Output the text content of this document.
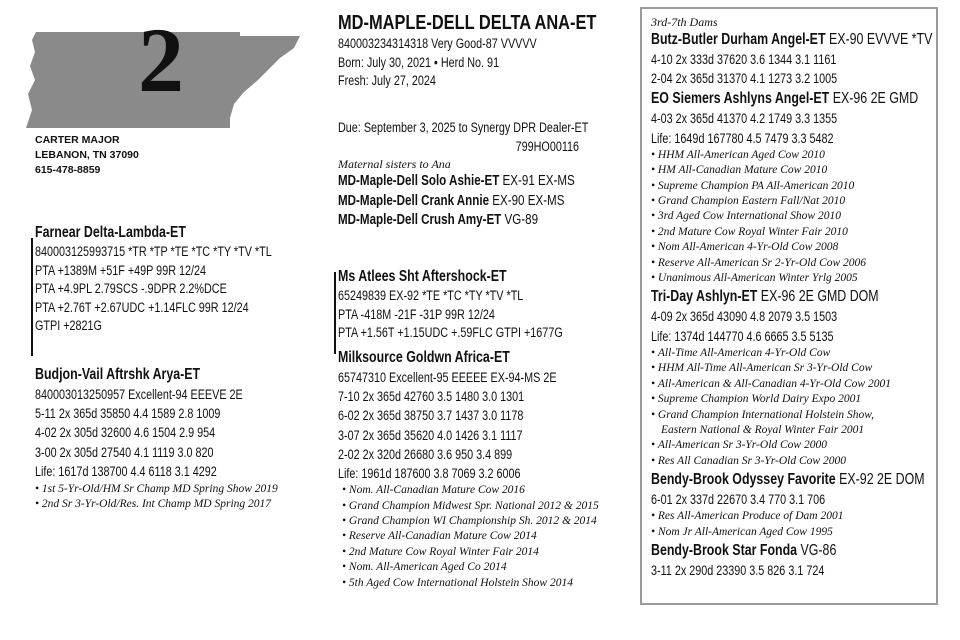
2
CARTER MAJOR
LEBANON, TN 37090
615-478-8859
MD-MAPLE-DELL DELTA ANA-ET
840003234314318 Very Good-87 VVVVV
Born: July 30, 2021 • Herd No. 91
Fresh: July 27, 2024
Due: September 3, 2025 to Synergy DPR Dealer-ET
799HO00116
Maternal sisters to Ana
MD-Maple-Dell Solo Ashie-ET EX-91 EX-MS
MD-Maple-Dell Crank Annie EX-90 EX-MS
MD-Maple-Dell Crush Amy-ET VG-89
Farnear Delta-Lambda-ET
840003125993715 *TR *TP *TE *TC *TY *TV *TL
PTA +1389M +51F +49P 99R 12/24
PTA +4.9PL 2.79SCS -.9DPR 2.2%DCE
PTA +2.76T +2.67UDC +1.14FLC 99R 12/24
GTPI +2821G
Budjon-Vail Aftrshk Arya-ET
840003013250957 Excellent-94 EEEVE 2E
5-11 2x 365d 35850 4.4 1589 2.8 1009
4-02 2x 305d 32600 4.6 1504 2.9 954
3-00 2x 305d 27540 4.1 1119 3.0 820
Life: 1617d 138700 4.4 6118 3.1 4292
• 1st 5-Yr-Old/HM Sr Champ MD Spring Show 2019
• 2nd Sr 3-Yr-Old/Res. Int Champ MD Spring 2017
Ms Atlees Sht Aftershock-ET
65249839 EX-92 *TE *TC *TY *TV *TL
PTA -418M -21F -31P 99R 12/24
PTA +1.56T +1.15UDC +.59FLC GTPI +1677G
Milksource Goldwn Africa-ET
65747310 Excellent-95 EEEEE EX-94-MS 2E
7-10 2x 365d 42760 3.5 1480 3.0 1301
6-02 2x 365d 38750 3.7 1437 3.0 1178
3-07 2x 365d 35620 4.0 1426 3.1 1117
2-02 2x 320d 26680 3.6 950 3.4 899
Life: 1961d 187600 3.8 7069 3.2 6006
• Nom. All-Canadian Mature Cow 2016
• Grand Champion Midwest Spr. National 2012 & 2015
• Grand Champion WI Championship Sh. 2012 & 2014
• Reserve All-Canadian Mature Cow 2014
• 2nd Mature Cow Royal Winter Fair 2014
• Nom. All-American Aged Co 2014
• 5th Aged Cow International Holstein Show 2014
3rd-7th Dams
Butz-Butler Durham Angel-ET EX-90 EVVVE *TV
4-10 2x 333d 37620 3.6 1344 3.1 1161
2-04 2x 365d 31370 4.1 1273 3.2 1005
EO Siemers Ashlyns Angel-ET EX-96 2E GMD
4-03 2x 365d 41370 4.2 1749 3.3 1355
Life: 1649d 167780 4.5 7479 3.3 5482
• HHM All-American Aged Cow 2010
• HM All-Canadian Mature Cow 2010
• Supreme Champion PA All-American 2010
• Grand Champion Eastern Fall/Nat 2010
• 3rd Aged Cow International Show 2010
• 2nd Mature Cow Royal Winter Fair 2010
• Nom All-American 4-Yr-Old Cow 2008
• Reserve All-American Sr 2-Yr-Old Cow 2006
• Unanimous All-American Winter Yrlg 2005
Tri-Day Ashlyn-ET EX-96 2E GMD DOM
4-09 2x 365d 43090 4.8 2079 3.5 1503
Life: 1374d 144770 4.6 6665 3.5 5135
• All-Time All-American 4-Yr-Old Cow
• HHM All-Time All-American Sr 3-Yr-Old Cow
• All-American & All-Canadian 4-Yr-Old Cow 2001
• Supreme Champion World Dairy Expo 2001
• Grand Champion International Holstein Show,
Eastern National & Royal Winter Fair 2001
• All-American Sr 3-Yr-Old Cow 2000
• Res All Canadian Sr 3-Yr-Old Cow 2000
Bendy-Brook Odyssey Favorite EX-92 2E DOM
6-01 2x 337d 22670 3.4 770 3.1 706
• Res All-American Produce of Dam 2001
• Nom Jr All-American Aged Cow 1995
Bendy-Brook Star Fonda VG-86
3-11 2x 290d 23390 3.5 826 3.1 724
